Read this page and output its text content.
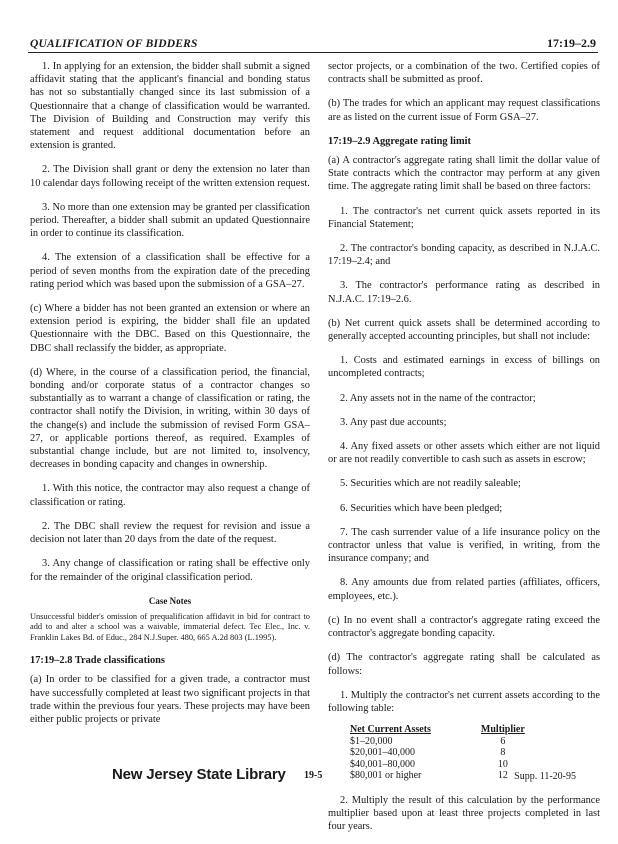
QUALIFICATION OF BIDDERS	17:19–2.9

1. In applying for an extension, the bidder shall submit a signed affidavit stating that the applicant's financial and bonding status has not so substantially changed since its last submission of a Questionnaire that a change of classification would be warranted. The Division of Building and Construction may verify this statement and request additional documentation before an extension is granted.

2. The Division shall grant or deny the extension no later than 10 calendar days following receipt of the written extension request.

3. No more than one extension may be granted per classification period. Thereafter, a bidder shall submit an updated Questionnaire in order to continue its classification.

4. The extension of a classification shall be effective for a period of seven months from the expiration date of the preceding rating period which was based upon the submission of a GSA–27.

(c) Where a bidder has not been granted an extension or where an extension period is expiring, the bidder shall file an updated Questionnaire with the DBC. Based on this Questionnaire, the DBC shall reclassify the bidder, as appropriate.

(d) Where, in the course of a classification period, the financial, bonding and/or corporate status of a contractor changes so substantially as to warrant a change of classification or rating, the contractor shall notify the Division, in writing, within 30 days of the change(s) and include the submission of revised Form GSA–27, or applicable portions thereof, as required. Examples of substantial change include, but are not limited to, insolvency, decreases in bonding capacity and changes in ownership.

1. With this notice, the contractor may also request a change of classification or rating.

2. The DBC shall review the request for revision and issue a decision not later than 20 days from the date of the request.

3. Any change of classification or rating shall be effective only for the remainder of the original classification period.

Case Notes

Unsuccessful bidder's omission of prequalification affidavit in bid for contract to add to and alter a school was a waivable, immaterial defect. Tec Elec., Inc. v. Franklin Lakes Bd. of Educ., 284 N.J.Super. 480, 665 A.2d 803 (L.1995).

17:19–2.8 Trade classifications

(a) In order to be classified for a given trade, a contractor must have successfully completed at least two significant projects in that trade within the previous four years. These projects may have been either public projects or private

sector projects, or a combination of the two. Certified copies of contracts shall be submitted as proof.

(b) The trades for which an applicant may request classifications are as listed on the current issue of Form GSA–27.

17:19–2.9 Aggregate rating limit

(a) A contractor's aggregate rating shall limit the dollar value of State contracts which the contractor may perform at any given time. The aggregate rating limit shall be based on three factors:

1. The contractor's net current quick assets reported in its Financial Statement;

2. The contractor's bonding capacity, as described in N.J.A.C. 17:19–2.4; and

3. The contractor's performance rating as described in N.J.A.C. 17:19–2.6.

(b) Net current quick assets shall be determined according to generally accepted accounting principles, but shall not include:

1. Costs and estimated earnings in excess of billings on uncompleted contracts;

2. Any assets not in the name of the contractor;

3. Any past due accounts;

4. Any fixed assets or other assets which either are not liquid or are not readily convertible to cash such as assets in escrow;

5. Securities which are not readily saleable;

6. Securities which have been pledged;

7. The cash surrender value of a life insurance policy on the contractor unless that value is verified, in writing, from the insurance company; and

8. Any amounts due from related parties (affiliates, officers, employees, etc.).

(c) In no event shall a contractor's aggregate rating exceed the contractor's aggregate bonding capacity.

(d) The contractor's aggregate rating shall be calculated as follows:

1. Multiply the contractor's net current assets according to the following table:

Net Current Assets	Multiplier
$1–20,000	6
$20,001–40,000	8
$40,001–80,000	10
$80,001 or higher	12

2. Multiply the result of this calculation by the performance multiplier based upon at least three projects completed in last four years.

New Jersey State Library 19-5	Supp. 11-20-95
